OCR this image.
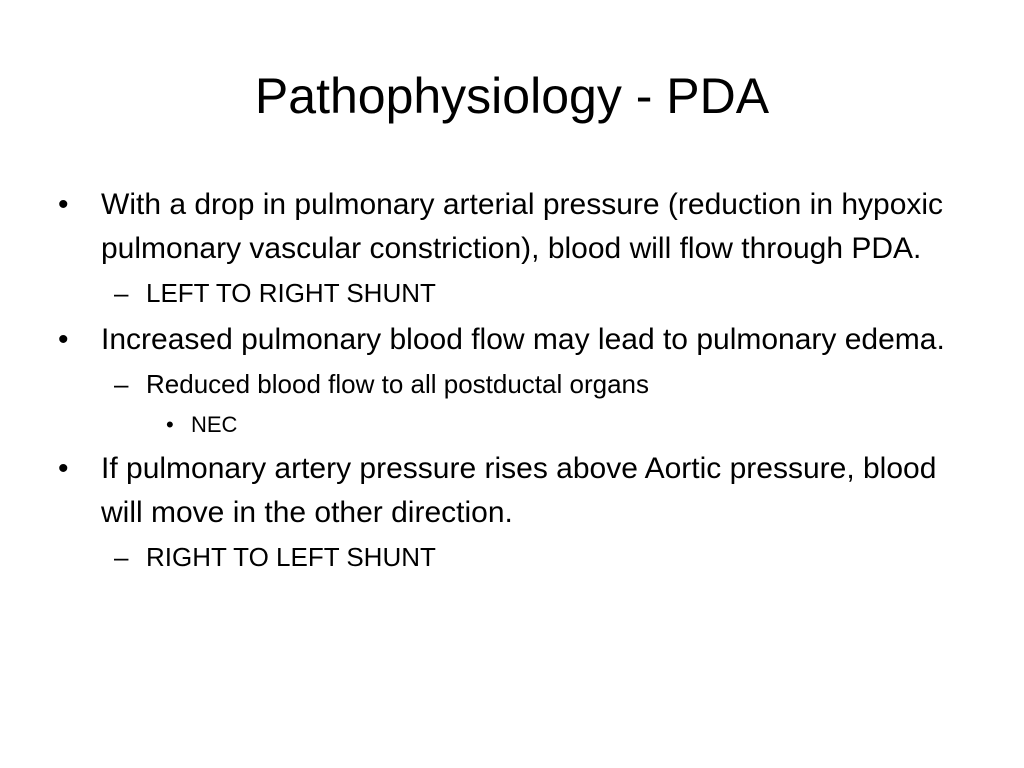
Pathophysiology - PDA
•	With a drop in pulmonary arterial pressure (reduction in hypoxic pulmonary vascular constriction), blood will flow through PDA.
– LEFT TO RIGHT SHUNT
•	Increased pulmonary blood flow may lead to pulmonary edema.
– Reduced blood flow to all postductal organs
• NEC
•	If pulmonary artery pressure rises above Aortic pressure, blood will move in the other direction.
– RIGHT TO LEFT SHUNT
